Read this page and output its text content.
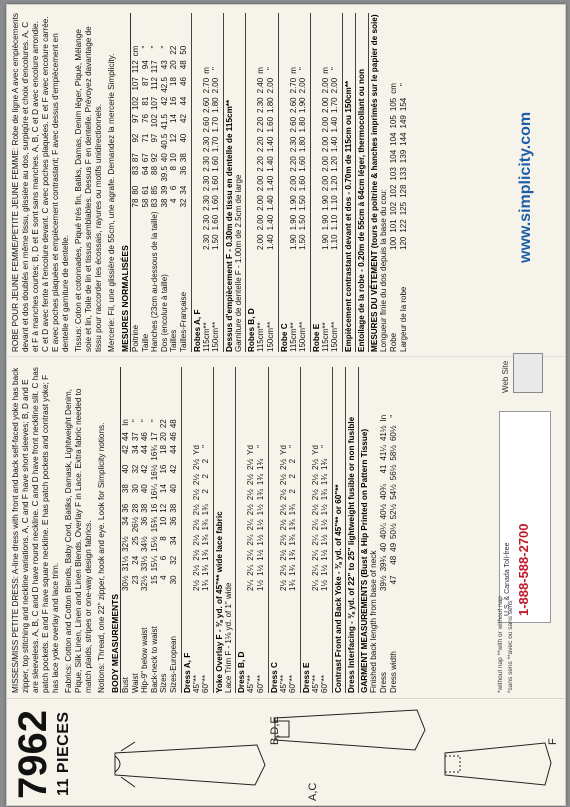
7962 11 PIECES	A,C
B,D,E	F

MISSES/MISS PETITE DRESS: A-line dress with front and back self-faced yoke has back zipper, top stitching and neckline variations. A, C and F have short sleeves; B, D and E are sleeveless. A, B, C and D have round neckline. C and D have front neckline slit. C has patch pockets. E and F have square neckline. E has patch pockets and contrast yoke; F has lace yoke overlay and lace trim. Fabrics: Cotton and Cotton Blends, Baby Cord, Batiks, Damask, Lightweight Denim, Pique, Silk Linen, Linen and Linen Blends. Overlay F in Lace. Extra fabric needed to match plaids, stripes or one-way design fabrics. Notions: Thread, one 22" zipper, hook and eye. Look for Simplicity notions. BODY MEASUREMENTS Bust	30½	31½	32½	34	36	38	40	42	44	In
Waist	23	24	25	26½	28	30	32	34	37	"
Hip-9" below waist	32½	33½	34½	36	38	40	42	44	46	"
Back-neck to waist	15	15¼	15½	15¾	16	16¼	16½	16¾	17	"
Sizes	4	6	8	10	12	14	16	18	20	22
Sizes-European	30	32	34	36	38	40	42	44	46	48
Dress A, F 45"**	2½	2½	2½	2½	2½	2½	2½	2½	2½	Yd
60"**	1¾	1¾	1¾	1¾	1¾	1¾	2	2	2	"
Yoke Overlay F - ⅜ yd. of 45"** wide lace fabric Lace Trim F - 1⅛ yd. of 1" wide Dress B, D 45"**	2¼	2¼	2¼	2¼	2¼	2½	2½	2½	2½	Yd
60"**	1½	1½	1½	1½	1½	1½	1¾	1¾	1¾	"
Dress C 45"**	2½	2½	2½	2½	2½	2½	2½	2½	2½	Yd
60"**	1¾	1¾	1¾	1¾	1¾	1¾	2	2	2	"
Dress E 45"**	2¼	2¼	2¼	2¼	2¼	2½	2½	2½	2½	Yd
60"**	1½	1½	1½	1½	1½	1½	1¾	1¾	1¾	"
Contrast Front and Back Yoke - ⅜ yd. of 45"** or 60"** Dress Interfacing - ⅜ yd. of 22" to 25" lightweight fusible or non fusible GARMENT MEASUREMENTS (Bust & Hip Printed on Pattern Tissue) Finished back length from base of neck Dress	39½	39¾	40	40¼	40½	40¾	41	41¼	41½	In
Dress width	47	48	49	50½	52½	54½	56½	58½	60½	"

ROBE POUR JEUNE FEMME/PETITE JEUNE FEMME: Robe de ligne A avec empiècements devant et dos doublés en même tissu, glissière au dos, surpiqûre et choix d'encolures. A, C et F à manches courtes; B, D et E sont sans manches. A, B, C et D avec encolure arrondie. C et D avec fente à l'encolure devant. C avec poches plaquées. E et F avec encolure carrée. E avec poches plaquées et empiècement contrastant; F avec dessus d'empiècement en dentelle et garniture de dentelle. Tissus: Coton et cotonnades, Piqué très fin, Batiks, Damas, Denim léger, Piqué, Mélange soie et lin, Toile de lin et tissus semblables. Dessus F en dentelle. Prévoyez davantage de tissu pour raccorder les écossais, rayures ou motifs unidirectionnels. Mercerie: Fil, une glissière de 55cm, une agrafe. Demandez la mercerie Simplicity. MESURES NORMALISÉES Poitrine	78	80	83	87	92	97	102	107	112	cm
Taille	58	61	64	67	71	76	81	87	94	"
Hanches (23cm au-dessous de la taille)	83	85	88	92	97	102	107	112	117	"
Dos (encolure à taille)	38	39	39.5	40	40.5	41.5	42	42.5	43	"
Tailles	4	6	8	10	12	14	16	18	20	22
Tailles-Française	32	34	36	38	40	42	44	46	48	50
Robes A, F 115cm**	2.30	2.30	2.30	2.30	2.30	2.30	2.60	2.60	2.70	m
150cm**	1.50	1.60	1.60	1.60	1.60	1.70	1.70	1.80	2.00	"
Dessus d'empiècement F - 0.30m de tissu en dentelle de 115cm** Garniture de dentelle F - 1.00m de 2.5cm de large Robes B, D 115cm**	2.00	2.00	2.00	2.00	2.20	2.20	2.20	2.30	2.40	m
150cm**	1.40	1.40	1.40	1.40	1.40	1.40	1.60	1.80	2.00	"
Robe C 115cm**	1.90	1.90	1.90	2.00	2.20	2.30	2.60	2.60	2.70	m
150cm**	1.50	1.50	1.50	1.60	1.60	1.80	1.80	1.90	2.00	"
Robe E 115cm**	1.90	1.90	1.90	2.00	2.00	2.00	2.00	2.00	2.00	m
150cm**	1.10	1.10	1.10	1.20	1.20	1.40	1.40	1.70	2.00	"
Empiècement contrastant devant et dos - 0.70m de 115cm ou 150cm** Entoilage de la robe - 0.20m de 55cm à 64cm léger, thermocollant ou non MESURES DU VÊTEMENT (tours de poitrine & hanches imprimés sur le papier de soie) Longueur finie du dos depuis la base du cou: Robe	100	101	102	102	103	104	104	105	105	cm
Largeur de la robe	120	122	125	128	133	139	144	149	154	"
U.S. & Canada Toll-free 1-888-588-2700
Web Site
www.simplicity.com
*without nap **with or without nap *sans sens **avec ou sans sens
